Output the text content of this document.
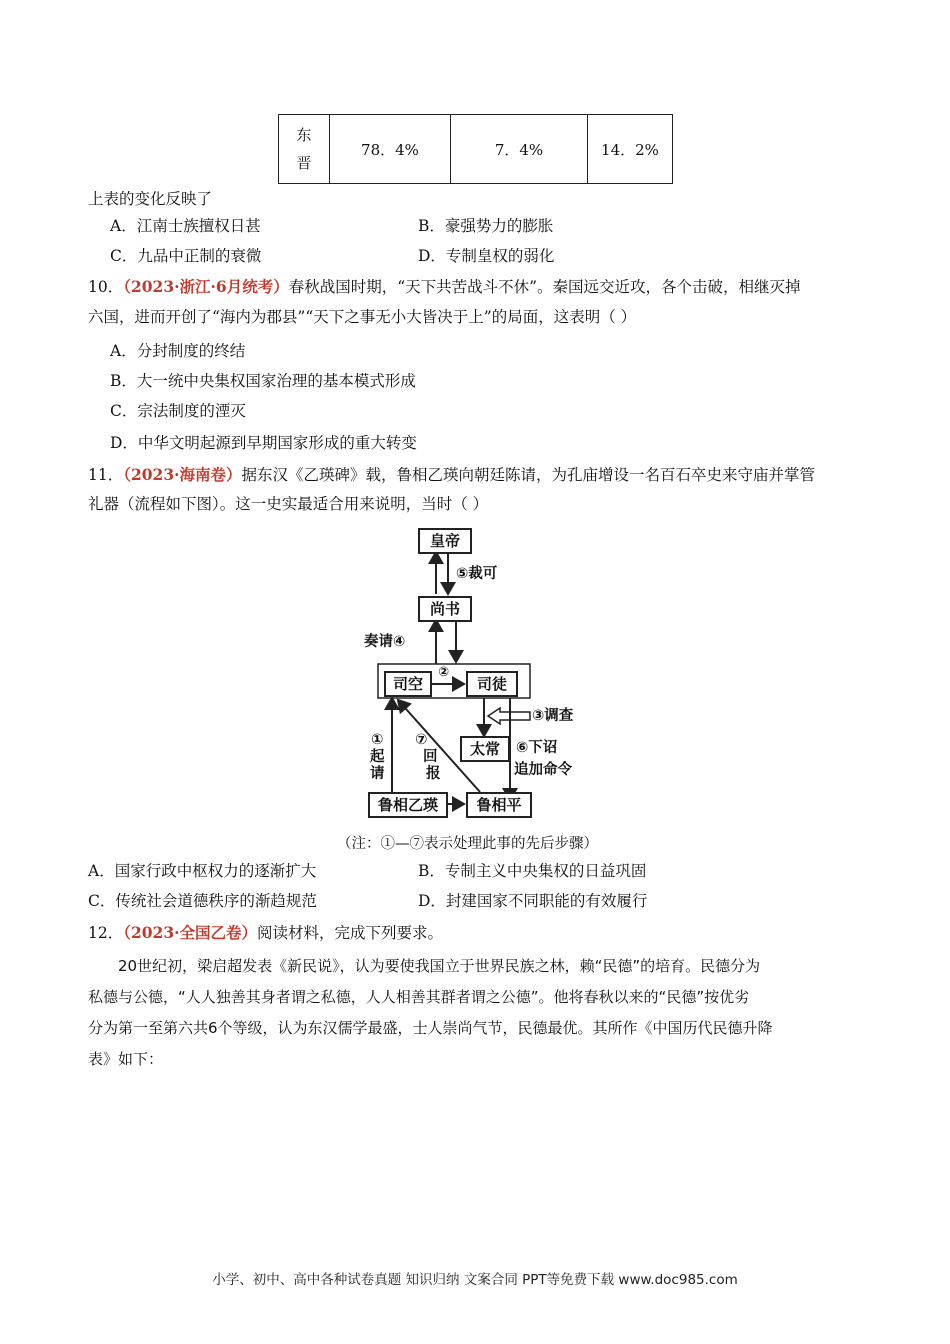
东
晋	78．4%	7．4%	14．2%
上表的变化反映了
A．江南士族擅权日甚	B．豪强势力的膨胀
C．九品中正制的衰微	D．专制皇权的弱化
10．（2023·浙江·6月统考）春秋战国时期，“天下共苦战斗不休”。秦国远交近攻，各个击破，相继灭掉
六国，进而开创了“海内为郡县”“天下之事无小大皆决于上”的局面，这表明（ ）
A．分封制度的终结
B．大一统中央集权国家治理的基本模式形成
C．宗法制度的湮灭
D．中华文明起源到早期国家形成的重大转变
11．（2023·海南卷）据东汉《乙瑛碑》载，鲁相乙瑛向朝廷陈请，为孔庙增设一名百石卒史来守庙并掌管
礼器（流程如下图）。这一史实最适合用来说明，当时（ ）
皇帝
尚书
司空	司徒
太常
鲁相乙瑛	鲁相平
⑤裁可
奏请④
②
③调查
①
起
请
⑦
回
报
⑥下诏
追加命令
（注：①—⑦表示处理此事的先后步骤）
A．国家行政中枢权力的逐渐扩大	B．专制主义中央集权的日益巩固
C．传统社会道德秩序的渐趋规范	D．封建国家不同职能的有效履行
12．（2023·全国乙卷）阅读材料，完成下列要求。
20世纪初，梁启超发表《新民说》，认为要使我国立于世界民族之林，赖“民德”的培育。民德分为
私德与公德，“人人独善其身者谓之私德，人人相善其群者谓之公德”。他将春秋以来的“民德”按优劣
分为第一至第六共6个等级，认为东汉儒学最盛，士人崇尚气节，民德最优。其所作《中国历代民德升降
表》如下：
小学、初中、高中各种试卷真题 知识归纳 文案合同 PPT等免费下载 www.doc985.com
